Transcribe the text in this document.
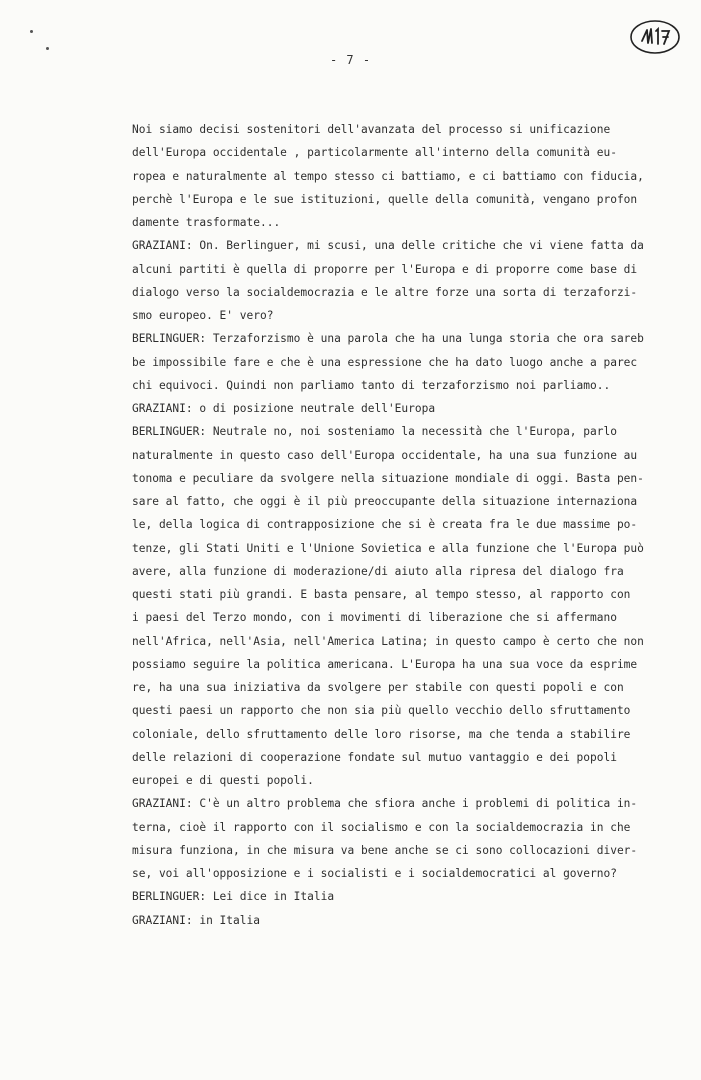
- 7 -
Noi siamo decisi sostenitori dell'avanzata del processo si unificazione
dell'Europa occidentale , particolarmente all'interno della comunità eu-
ropea e naturalmente al tempo stesso ci battiamo, e ci battiamo con fiducia,
perchè l'Europa e le sue istituzioni, quelle della comunità, vengano profon
damente trasformate...
GRAZIANI: On. Berlinguer, mi scusi, una delle critiche che vi viene fatta da
alcuni partiti è quella di proporre per l'Europa e di proporre come base di
dialogo verso la socialdemocrazia e le altre forze una sorta di terzaforzi-
smo europeo. E' vero?
BERLINGUER: Terzaforzismo è una parola che ha una lunga storia che ora sareb
be impossibile fare e che è una espressione che ha dato luogo anche a parec
chi equivoci. Quindi non parliamo tanto di terzaforzismo noi parliamo..
GRAZIANI: o di posizione neutrale dell'Europa
BERLINGUER: Neutrale no, noi sosteniamo la necessità che l'Europa, parlo
naturalmente in questo caso dell'Europa occidentale, ha una sua funzione au
tonoma e peculiare da svolgere nella situazione mondiale di oggi. Basta pen-
sare al fatto, che oggi è il più preoccupante della situazione internaziona
le, della logica di contrapposizione che si è creata fra le due massime po-
tenze, gli Stati Uniti e l'Unione Sovietica e alla funzione che l'Europa può
avere, alla funzione di moderazione/di aiuto alla ripresa del dialogo fra
questi stati più grandi. E basta pensare, al tempo stesso, al rapporto con
i paesi del Terzo mondo, con i movimenti di liberazione che si affermano
nell'Africa, nell'Asia, nell'America Latina; in questo campo è certo che non
possiamo seguire la politica americana. L'Europa ha una sua voce da esprime
re, ha una sua iniziativa da svolgere per stabile con questi popoli e con
questi paesi un rapporto che non sia più quello vecchio dello sfruttamento
coloniale, dello sfruttamento delle loro risorse, ma che tenda a stabilire
delle relazioni di cooperazione fondate sul mutuo vantaggio e dei popoli
europei e di questi popoli.
GRAZIANI: C'è un altro problema che sfiora anche i problemi di politica in-
terna, cioè il rapporto con il socialismo e con la socialdemocrazia in che
misura funziona, in che misura va bene anche se ci sono collocazioni diver-
se, voi all'opposizione e i socialisti e i socialdemocratici al governo?
BERLINGUER: Lei dice in Italia
GRAZIANI: in Italia
